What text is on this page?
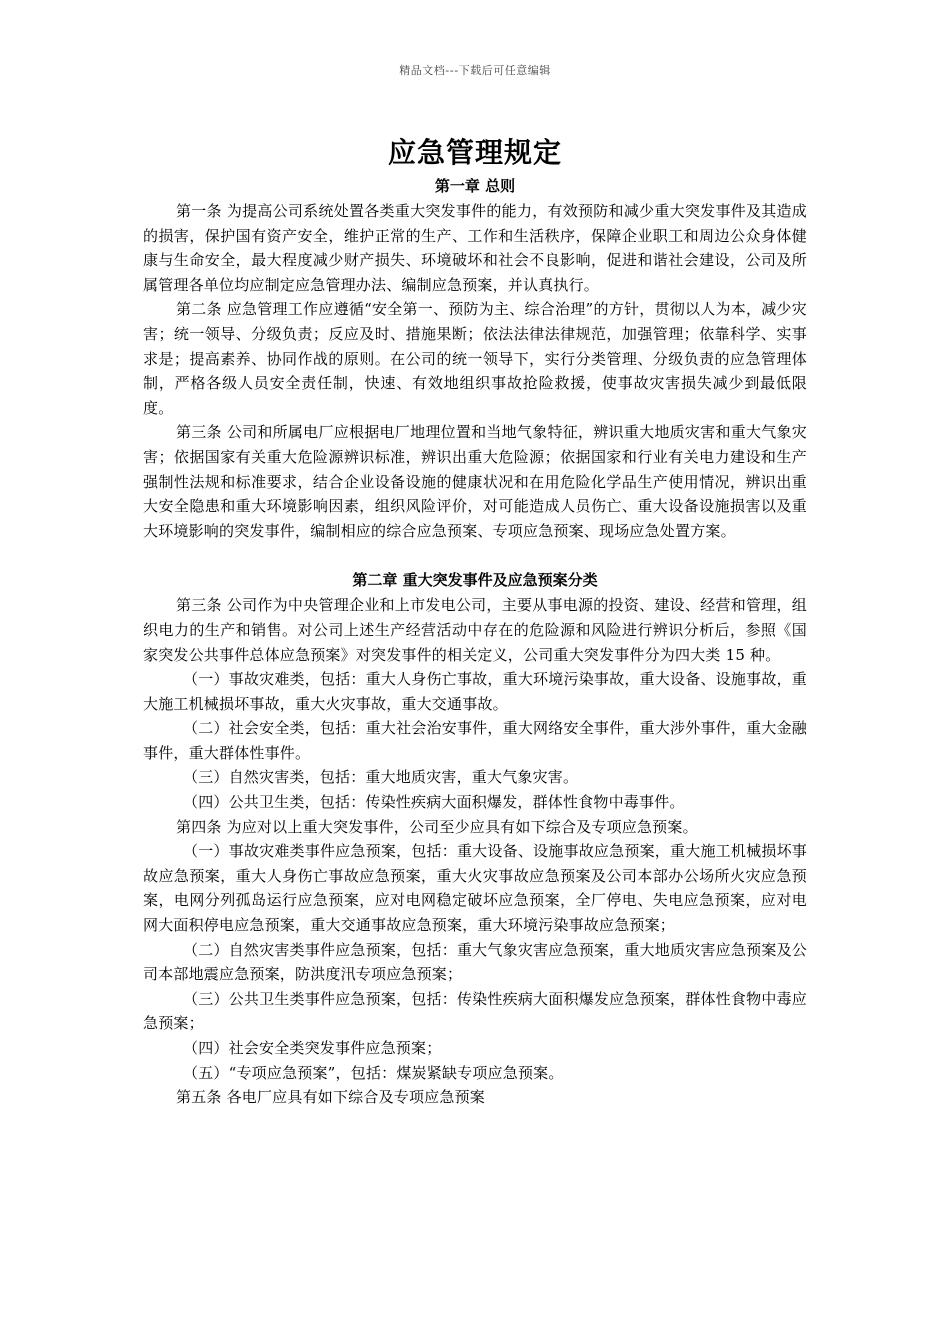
精品文档---下载后可任意编辑
应急管理规定
第一章 总则

第一条 为提高公司系统处置各类重大突发事件的能力，有效预防和减少重大突发事件及其造成的损害，保护国有资产安全，维护正常的生产、工作和生活秩序，保障企业职工和周边公众身体健康与生命安全，最大程度减少财产损失、环境破坏和社会不良影响，促进和谐社会建设，公司及所属管理各单位均应制定应急管理办法、编制应急预案，并认真执行。

第二条 应急管理工作应遵循“安全第一、预防为主、综合治理”的方针，贯彻以人为本，减少灾害；统一领导、分级负责；反应及时、措施果断；依法法律法律规范，加强管理；依靠科学、实事求是；提高素养、协同作战的原则。在公司的统一领导下，实行分类管理、分级负责的应急管理体制，严格各级人员安全责任制，快速、有效地组织事故抢险救援，使事故灾害损失减少到最低限度。

第三条 公司和所属电厂应根据电厂地理位置和当地气象特征，辨识重大地质灾害和重大气象灾害；依据国家有关重大危险源辨识标准，辨识出重大危险源；依据国家和行业有关电力建设和生产强制性法规和标准要求，结合企业设备设施的健康状况和在用危险化学品生产使用情况，辨识出重大安全隐患和重大环境影响因素，组织风险评价，对可能造成人员伤亡、重大设备设施损害以及重大环境影响的突发事件，编制相应的综合应急预案、专项应急预案、现场应急处置方案。

第二章 重大突发事件及应急预案分类

第三条 公司作为中央管理企业和上市发电公司，主要从事电源的投资、建设、经营和管理，组织电力的生产和销售。对公司上述生产经营活动中存在的危险源和风险进行辨识分析后，参照《国家突发公共事件总体应急预案》对突发事件的相关定义，公司重大突发事件分为四大类 15 种。

（一）事故灾难类，包括：重大人身伤亡事故，重大环境污染事故，重大设备、设施事故，重大施工机械损坏事故，重大火灾事故，重大交通事故。

（二）社会安全类，包括：重大社会治安事件，重大网络安全事件，重大涉外事件，重大金融事件，重大群体性事件。

（三）自然灾害类，包括：重大地质灾害，重大气象灾害。

（四）公共卫生类，包括：传染性疾病大面积爆发，群体性食物中毒事件。

第四条 为应对以上重大突发事件，公司至少应具有如下综合及专项应急预案。

（一）事故灾难类事件应急预案，包括：重大设备、设施事故应急预案，重大施工机械损坏事故应急预案，重大人身伤亡事故应急预案，重大火灾事故应急预案及公司本部办公场所火灾应急预案，电网分列孤岛运行应急预案，应对电网稳定破坏应急预案，全厂停电、失电应急预案，应对电网大面积停电应急预案，重大交通事故应急预案，重大环境污染事故应急预案；

（二）自然灾害类事件应急预案，包括：重大气象灾害应急预案，重大地质灾害应急预案及公司本部地震应急预案，防洪度汛专项应急预案；

（三）公共卫生类事件应急预案，包括：传染性疾病大面积爆发应急预案，群体性食物中毒应急预案；

（四）社会安全类突发事件应急预案；

（五）“专项应急预案”，包括：煤炭紧缺专项应急预案。

第五条 各电厂应具有如下综合及专项应急预案
